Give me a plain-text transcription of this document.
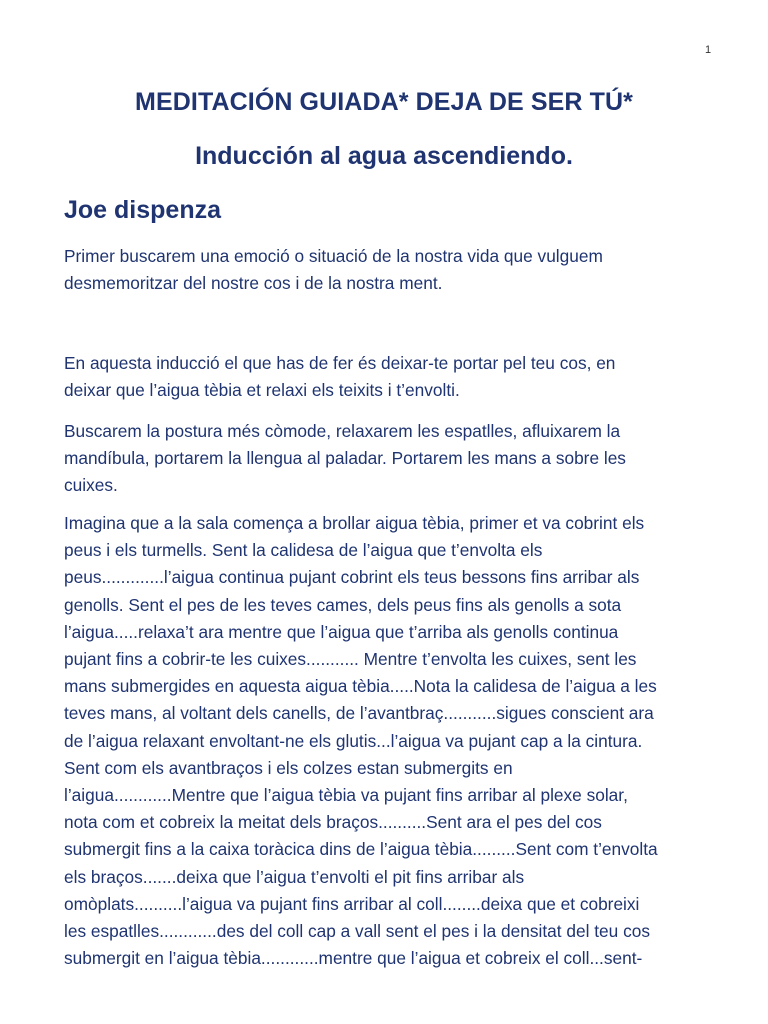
1
MEDITACIÓN GUIADA* DEJA DE SER TÚ*
Inducción al agua ascendiendo.
Joe dispenza

Primer buscarem una emoció o situació de la nostra vida que vulguem
desmemoritzar del nostre cos i de la nostra ment.

En aquesta inducció el que has de fer és deixar-te portar pel teu cos, en
deixar que l’aigua tèbia et relaxi els teixits i t’envolti.

Buscarem la postura més còmode, relaxarem les espatlles, afluixarem la
mandíbula, portarem la llengua al paladar. Portarem les mans a sobre les
cuixes.

Imagina que a la sala comença a brollar aigua tèbia, primer et va cobrint els
peus i els turmells. Sent la calidesa de l’aigua que t’envolta els
peus.............l’aigua continua pujant cobrint els teus bessons fins arribar als
genolls. Sent el pes de les teves cames, dels peus fins als genolls a sota
l’aigua.....relaxa’t ara mentre que l’aigua que t’arriba als genolls continua
pujant fins a cobrir-te les cuixes........... Mentre t’envolta les cuixes, sent les
mans submergides en aquesta aigua tèbia.....Nota la calidesa de l’aigua a les
teves mans, al voltant dels canells, de l’avantbraç...........sigues conscient ara
de l’aigua relaxant envoltant-ne els glutis...l’aigua va pujant cap a la cintura.
Sent com els avantbraços i els colzes estan submergits en
l’aigua............Mentre que l’aigua tèbia va pujant fins arribar al plexe solar,
nota com et cobreix la meitat dels braços..........Sent ara el pes del cos
submergit fins a la caixa toràcica dins de l’aigua tèbia.........Sent com t’envolta
els braços.......deixa que l’aigua t’envolti el pit fins arribar als
omòplats..........l’aigua va pujant fins arribar al coll........deixa que et cobreixi
les espatlles............des del coll cap a vall sent el pes i la densitat del teu cos
submergit en l’aigua tèbia............mentre que l’aigua et cobreix el coll...sent-
